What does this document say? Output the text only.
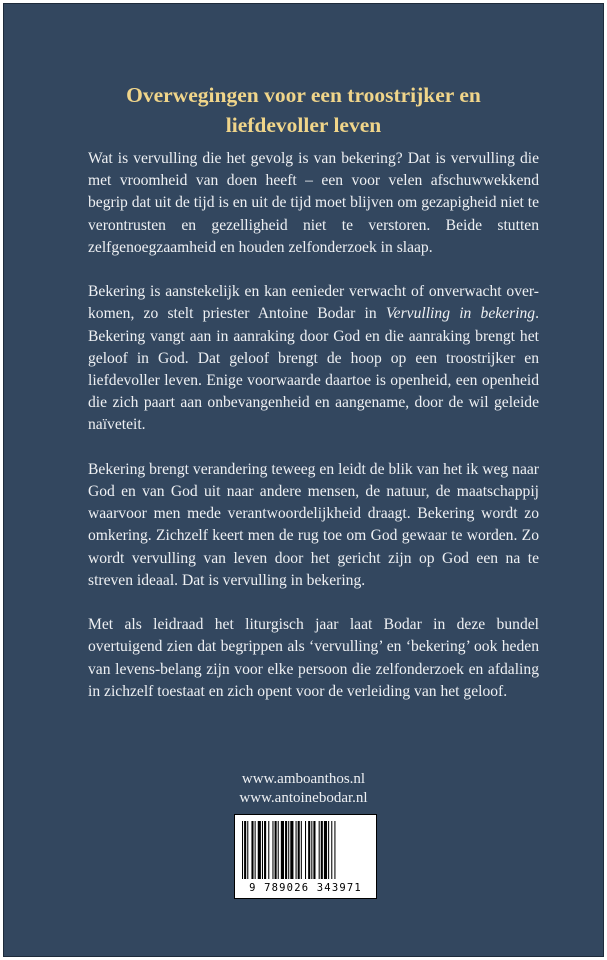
Overwegingen voor een troostrijker en
liefdevoller leven

Wat is vervulling die het gevolg is van bekering? Dat is vervulling die met vroomheid van doen heeft – een voor velen afschuwwekkend begrip dat uit de tijd is en uit de tijd moet blijven om gezapigheid niet te verontrusten en gezelligheid niet te verstoren. Beide stutten zelfgenoegzaamheid en houden zelfonderzoek in slaap.

Bekering is aanstekelijk en kan eenieder verwacht of onverwacht over-komen, zo stelt priester Antoine Bodar in Vervulling in bekering. Bekering vangt aan in aanraking door God en die aanraking brengt het geloof in God. Dat geloof brengt de hoop op een troostrijker en liefdevoller leven. Enige voorwaarde daartoe is openheid, een openheid die zich paart aan onbevangenheid en aangename, door de wil geleide naïveteit.

Bekering brengt verandering teweeg en leidt de blik van het ik weg naar God en van God uit naar andere mensen, de natuur, de maatschappij waarvoor men mede verantwoordelijkheid draagt. Bekering wordt zo omkering. Zichzelf keert men de rug toe om God gewaar te worden. Zo wordt vervulling van leven door het gericht zijn op God een na te streven ideaal. Dat is vervulling in bekering.

Met als leidraad het liturgisch jaar laat Bodar in deze bundel overtuigend zien dat begrippen als ‘vervulling’ en ‘bekering’ ook heden van levens-belang zijn voor elke persoon die zelfonderzoek en afdaling in zichzelf toestaat en zich opent voor de verleiding van het geloof.

www.amboanthos.nl
www.antoinebodar.nl
9 789026 343971
